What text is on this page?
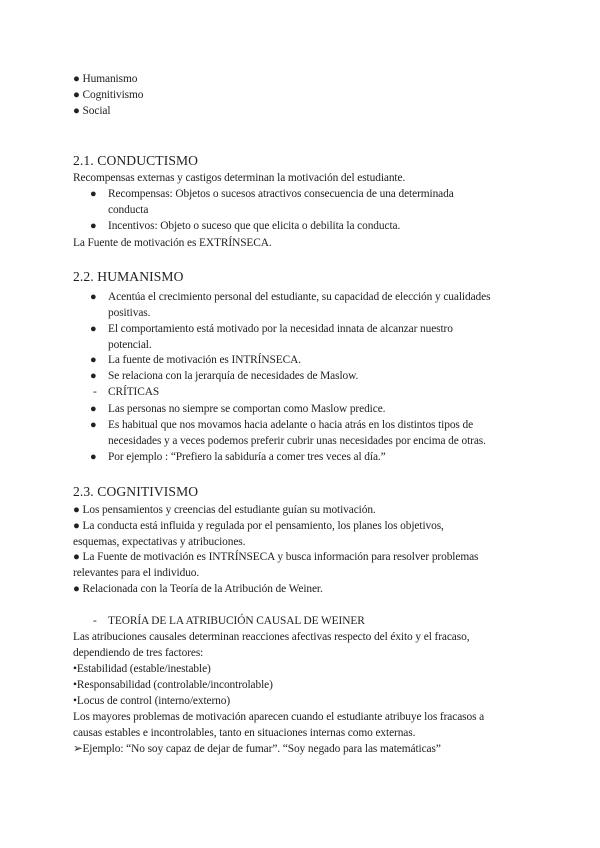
● Humanismo
● Cognitivismo
● Social
2.1. CONDUCTISMO
Recompensas externas y castigos determinan la motivación del estudiante.
● Recompensas: Objetos o sucesos atractivos consecuencia de una determinada
conducta
● Incentivos: Objeto o suceso que que elicita o debilita la conducta.
La Fuente de motivación es EXTRÍNSECA.
2.2. HUMANISMO
● Acentúa el crecimiento personal del estudiante, su capacidad de elección y cualidades
positivas.
● El comportamiento está motivado por la necesidad innata de alcanzar nuestro
potencial.
● La fuente de motivación es INTRÍNSECA.
● Se relaciona con la jerarquía de necesidades de Maslow.
- CRÍTICAS
● Las personas no siempre se comportan como Maslow predice.
● Es habitual que nos movamos hacia adelante o hacia atrás en los distintos tipos de
necesidades y a veces podemos preferir cubrir unas necesidades por encima de otras.
● Por ejemplo : “Prefiero la sabiduría a comer tres veces al día.”
2.3. COGNITIVISMO
● Los pensamientos y creencias del estudiante guían su motivación.
● La conducta está influida y regulada por el pensamiento, los planes los objetivos,
esquemas, expectativas y atribuciones.
● La Fuente de motivación es INTRÍNSECA y busca información para resolver problemas
relevantes para el individuo.
● Relacionada con la Teoría de la Atribución de Weiner.
- TEORÍA DE LA ATRIBUCIÓN CAUSAL DE WEINER
Las atribuciones causales determinan reacciones afectivas respecto del éxito y el fracaso,
dependiendo de tres factores:
•Estabilidad (estable/inestable)
•Responsabilidad (controlable/incontrolable)
•Locus de control (interno/externo)
Los mayores problemas de motivación aparecen cuando el estudiante atribuye los fracasos a
causas estables e incontrolables, tanto en situaciones internas como externas.
➢Ejemplo: “No soy capaz de dejar de fumar”. “Soy negado para las matemáticas”
